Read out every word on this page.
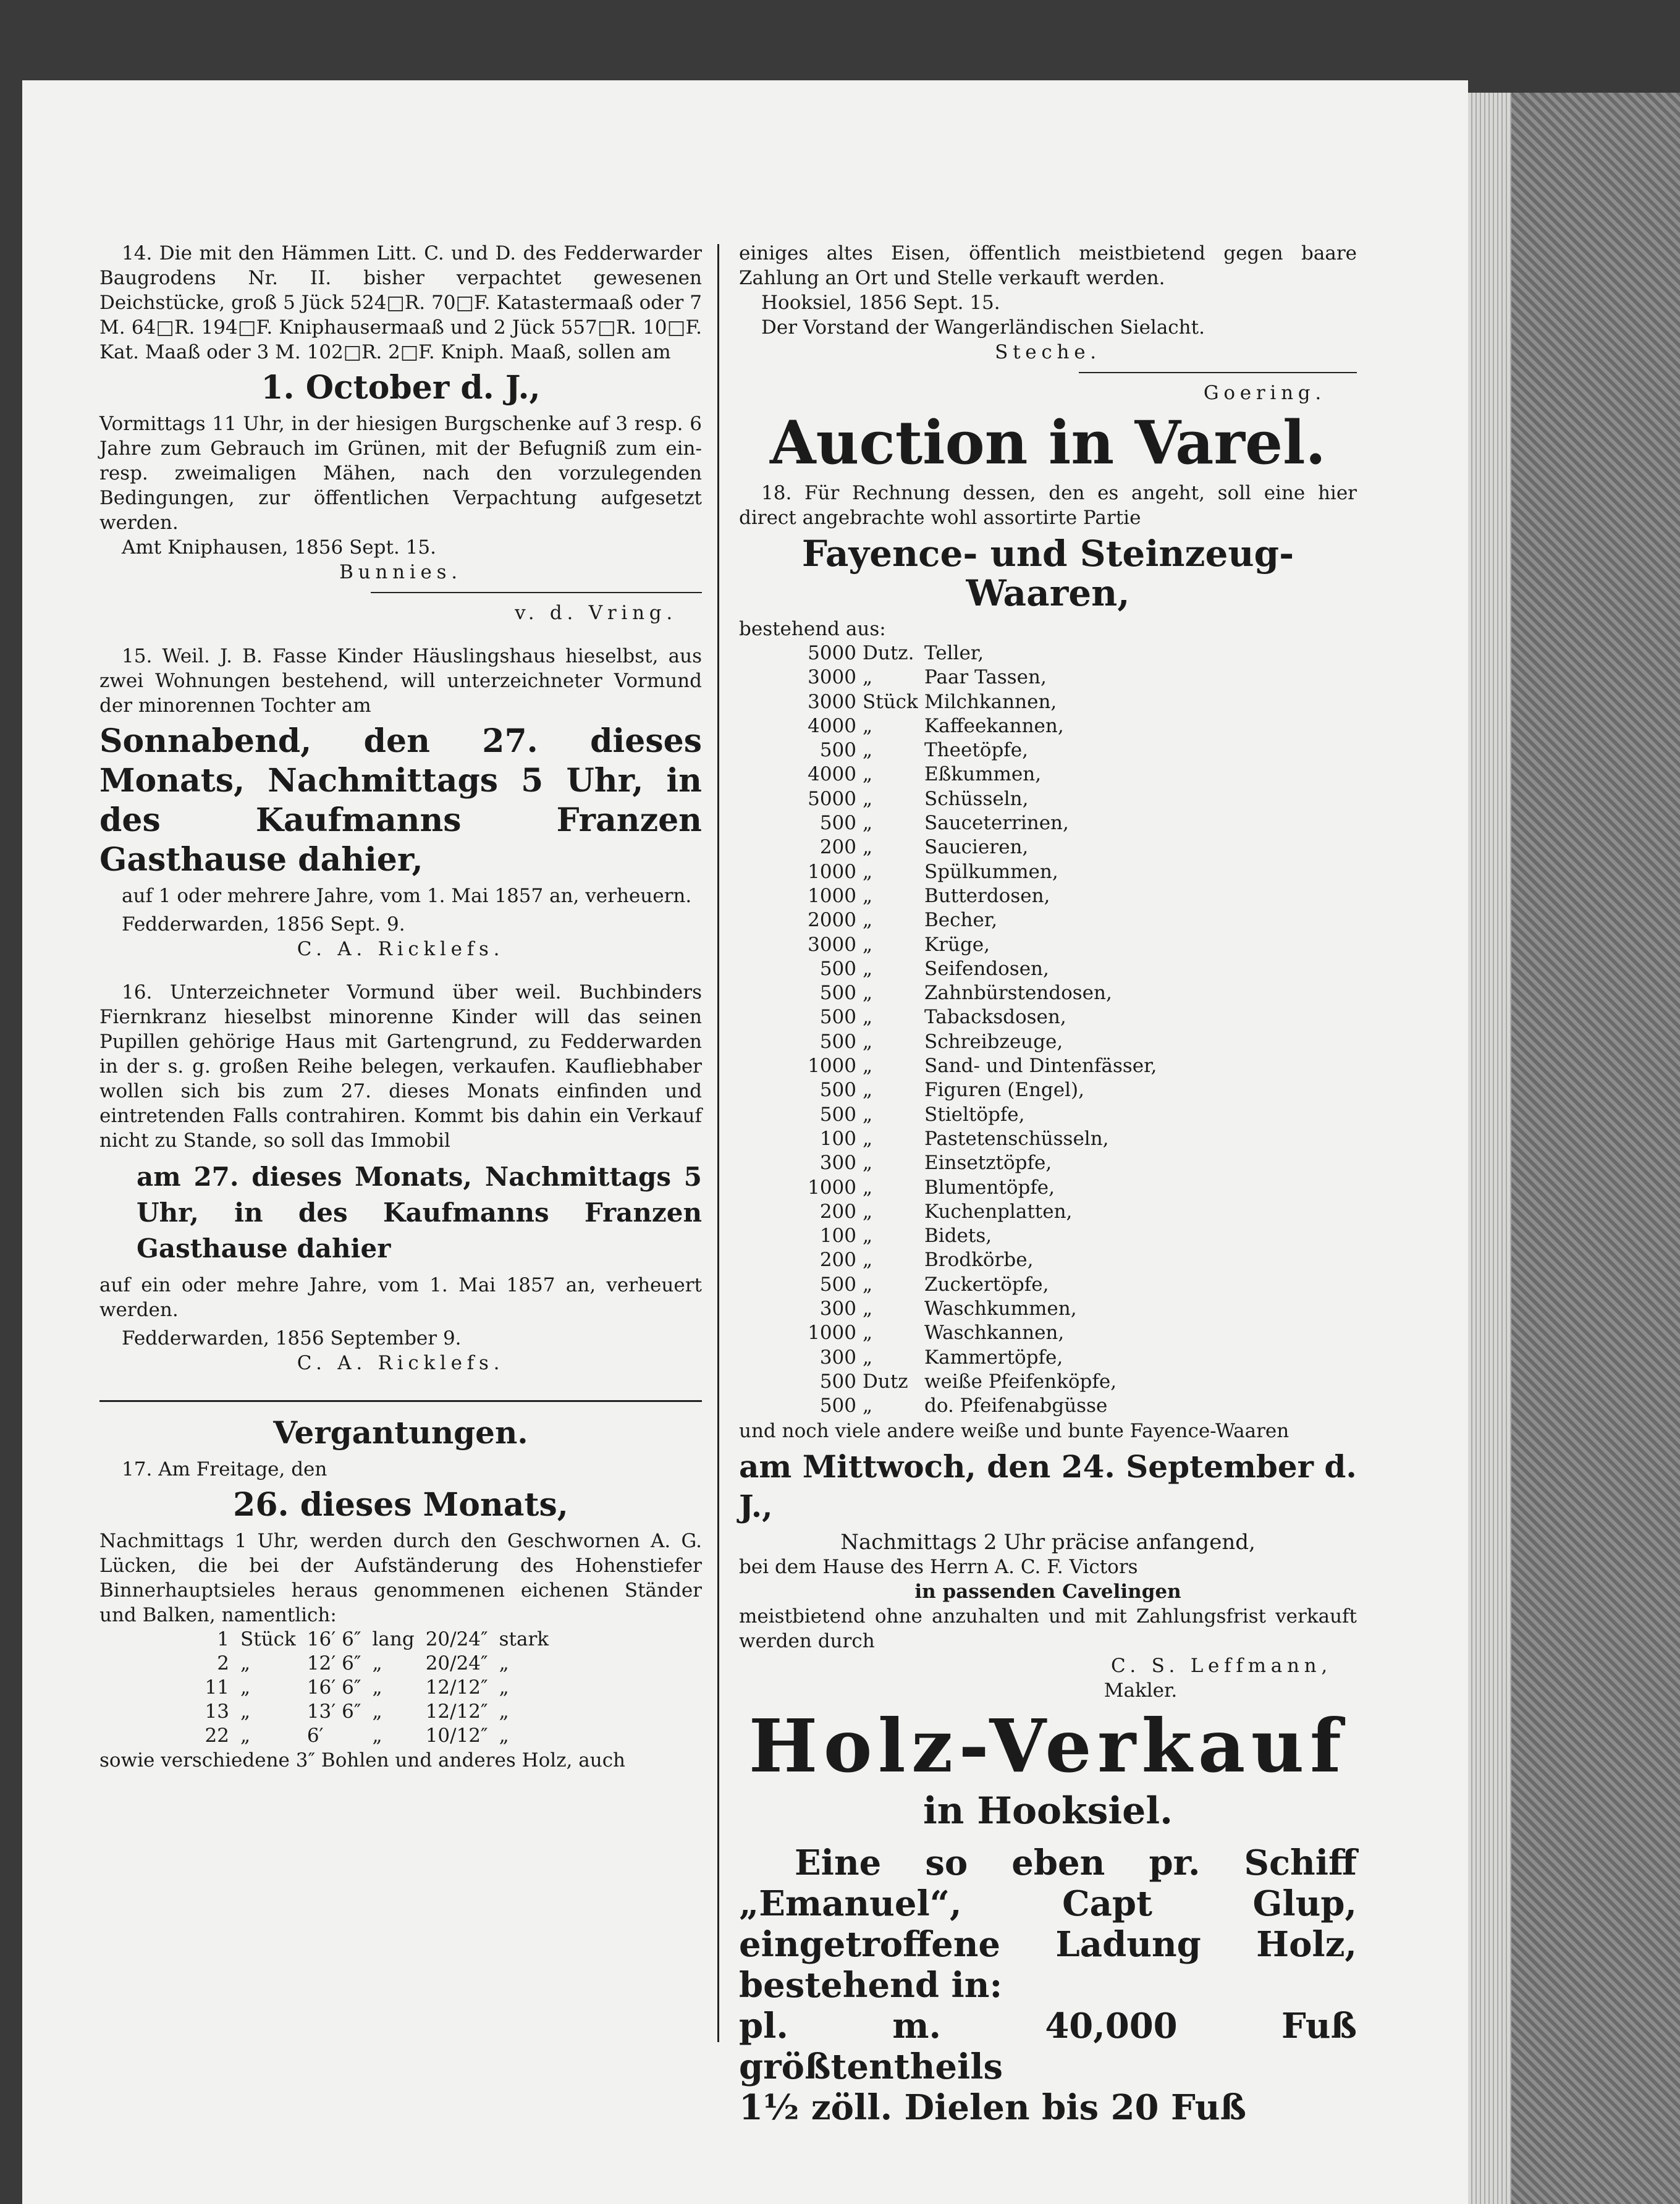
14. Die mit den Hämmen Litt. C. und D. des Fedderwarder Baugrodens Nr. II. bisher verpachtet gewesenen Deichstücke, groß 5 Jück 524□R. 70□F. Katastermaaß oder 7 M. 64□R. 194□F. Kniphausermaaß und 2 Jück 557□R. 10□F. Kat. Maaß oder 3 M. 102□R. 2□F. Kniph. Maaß, sollen am

1. October d. J.,

Vormittags 11 Uhr, in der hiesigen Burgschenke auf 3 resp. 6 Jahre zum Gebrauch im Grünen, mit der Befugniß zum ein- resp. zweimaligen Mähen, nach den vorzulegenden Bedingungen, zur öffentlichen Verpachtung aufgesetzt werden.

Amt Kniphausen, 1856 Sept. 15.

Bunnies.

v. d. Vring.

15. Weil. J. B. Fasse Kinder Häuslingshaus hieselbst, aus zwei Wohnungen bestehend, will unterzeichneter Vormund der minorennen Tochter am

Sonnabend, den 27. dieses Monats, Nachmittags 5 Uhr, in des Kaufmanns Franzen Gasthause dahier,

auf 1 oder mehrere Jahre, vom 1. Mai 1857 an, verheuern.

Fedderwarden, 1856 Sept. 9.

C. A. Ricklefs.

16. Unterzeichneter Vormund über weil. Buchbinders Fiernkranz hieselbst minorenne Kinder will das seinen Pupillen gehörige Haus mit Gartengrund, zu Fedderwarden in der s. g. großen Reihe belegen, verkaufen. Kaufliebhaber wollen sich bis zum 27. dieses Monats einfinden und eintretenden Falls contrahiren. Kommt bis dahin ein Verkauf nicht zu Stande, so soll das Immobil

am 27. dieses Monats, Nachmittags 5 Uhr, in des Kaufmanns Franzen Gasthause dahier

auf ein oder mehre Jahre, vom 1. Mai 1857 an, verheuert werden.

Fedderwarden, 1856 September 9.

C. A. Ricklefs.

Vergantungen.

17. Am Freitage, den

26. dieses Monats,

Nachmittags 1 Uhr, werden durch den Geschwornen A. G. Lücken, die bei der Aufständerung des Hohenstiefer Binnerhauptsieles heraus genommenen eichenen Ständer und Balken, namentlich:

1	Stück	16′ 6″	lang	20/24″	stark
2	„	12′ 6″	„	20/24″	„
11	„	16′ 6″	„	12/12″	„
13	„	13′ 6″	„	12/12″	„
22	„	6′	„	10/12″	„

sowie verschiedene 3″ Bohlen und anderes Holz, auch

einiges altes Eisen, öffentlich meistbietend gegen baare Zahlung an Ort und Stelle verkauft werden.

Hooksiel, 1856 Sept. 15.

Der Vorstand der Wangerländischen Sielacht.

Steche.

Goering.

Auction in Varel.

18. Für Rechnung dessen, den es angeht, soll eine hier direct angebrachte wohl assortirte Partie

Fayence- und Steinzeug-Waaren,

bestehend aus:

5000	Dutz.	Teller,
3000	„	Paar Tassen,
3000	Stück	Milchkannen,
4000	„	Kaffeekannen,
500	„	Theetöpfe,
4000	„	Eßkummen,
5000	„	Schüsseln,
500	„	Sauceterrinen,
200	„	Saucieren,
1000	„	Spülkummen,
1000	„	Butterdosen,
2000	„	Becher,
3000	„	Krüge,
500	„	Seifendosen,
500	„	Zahnbürstendosen,
500	„	Tabacksdosen,
500	„	Schreibzeuge,
1000	„	Sand- und Dintenfässer,
500	„	Figuren (Engel),
500	„	Stieltöpfe,
100	„	Pastetenschüsseln,
300	„	Einsetztöpfe,
1000	„	Blumentöpfe,
200	„	Kuchenplatten,
100	„	Bidets,
200	„	Brodkörbe,
500	„	Zuckertöpfe,
300	„	Waschkummen,
1000	„	Waschkannen,
300	„	Kammertöpfe,
500	Dutz	weiße Pfeifenköpfe,
500	„	do. Pfeifenabgüsse

und noch viele andere weiße und bunte Fayence-Waaren

am Mittwoch, den 24. September d. J.,

Nachmittags 2 Uhr präcise anfangend,

bei dem Hause des Herrn A. C. F. Victors

in passenden Cavelingen

meistbietend ohne anzuhalten und mit Zahlungsfrist verkauft werden durch

C. S. Leffmann,

Makler.

Holz-Verkauf
in Hooksiel.
Eine so eben pr. Schiff „Emanuel“, Capt Glup, eingetroffene Ladung Holz, bestehend in:
pl. m. 40,000 Fuß größtentheils
1½ zöll. Dielen bis 20 Fuß
